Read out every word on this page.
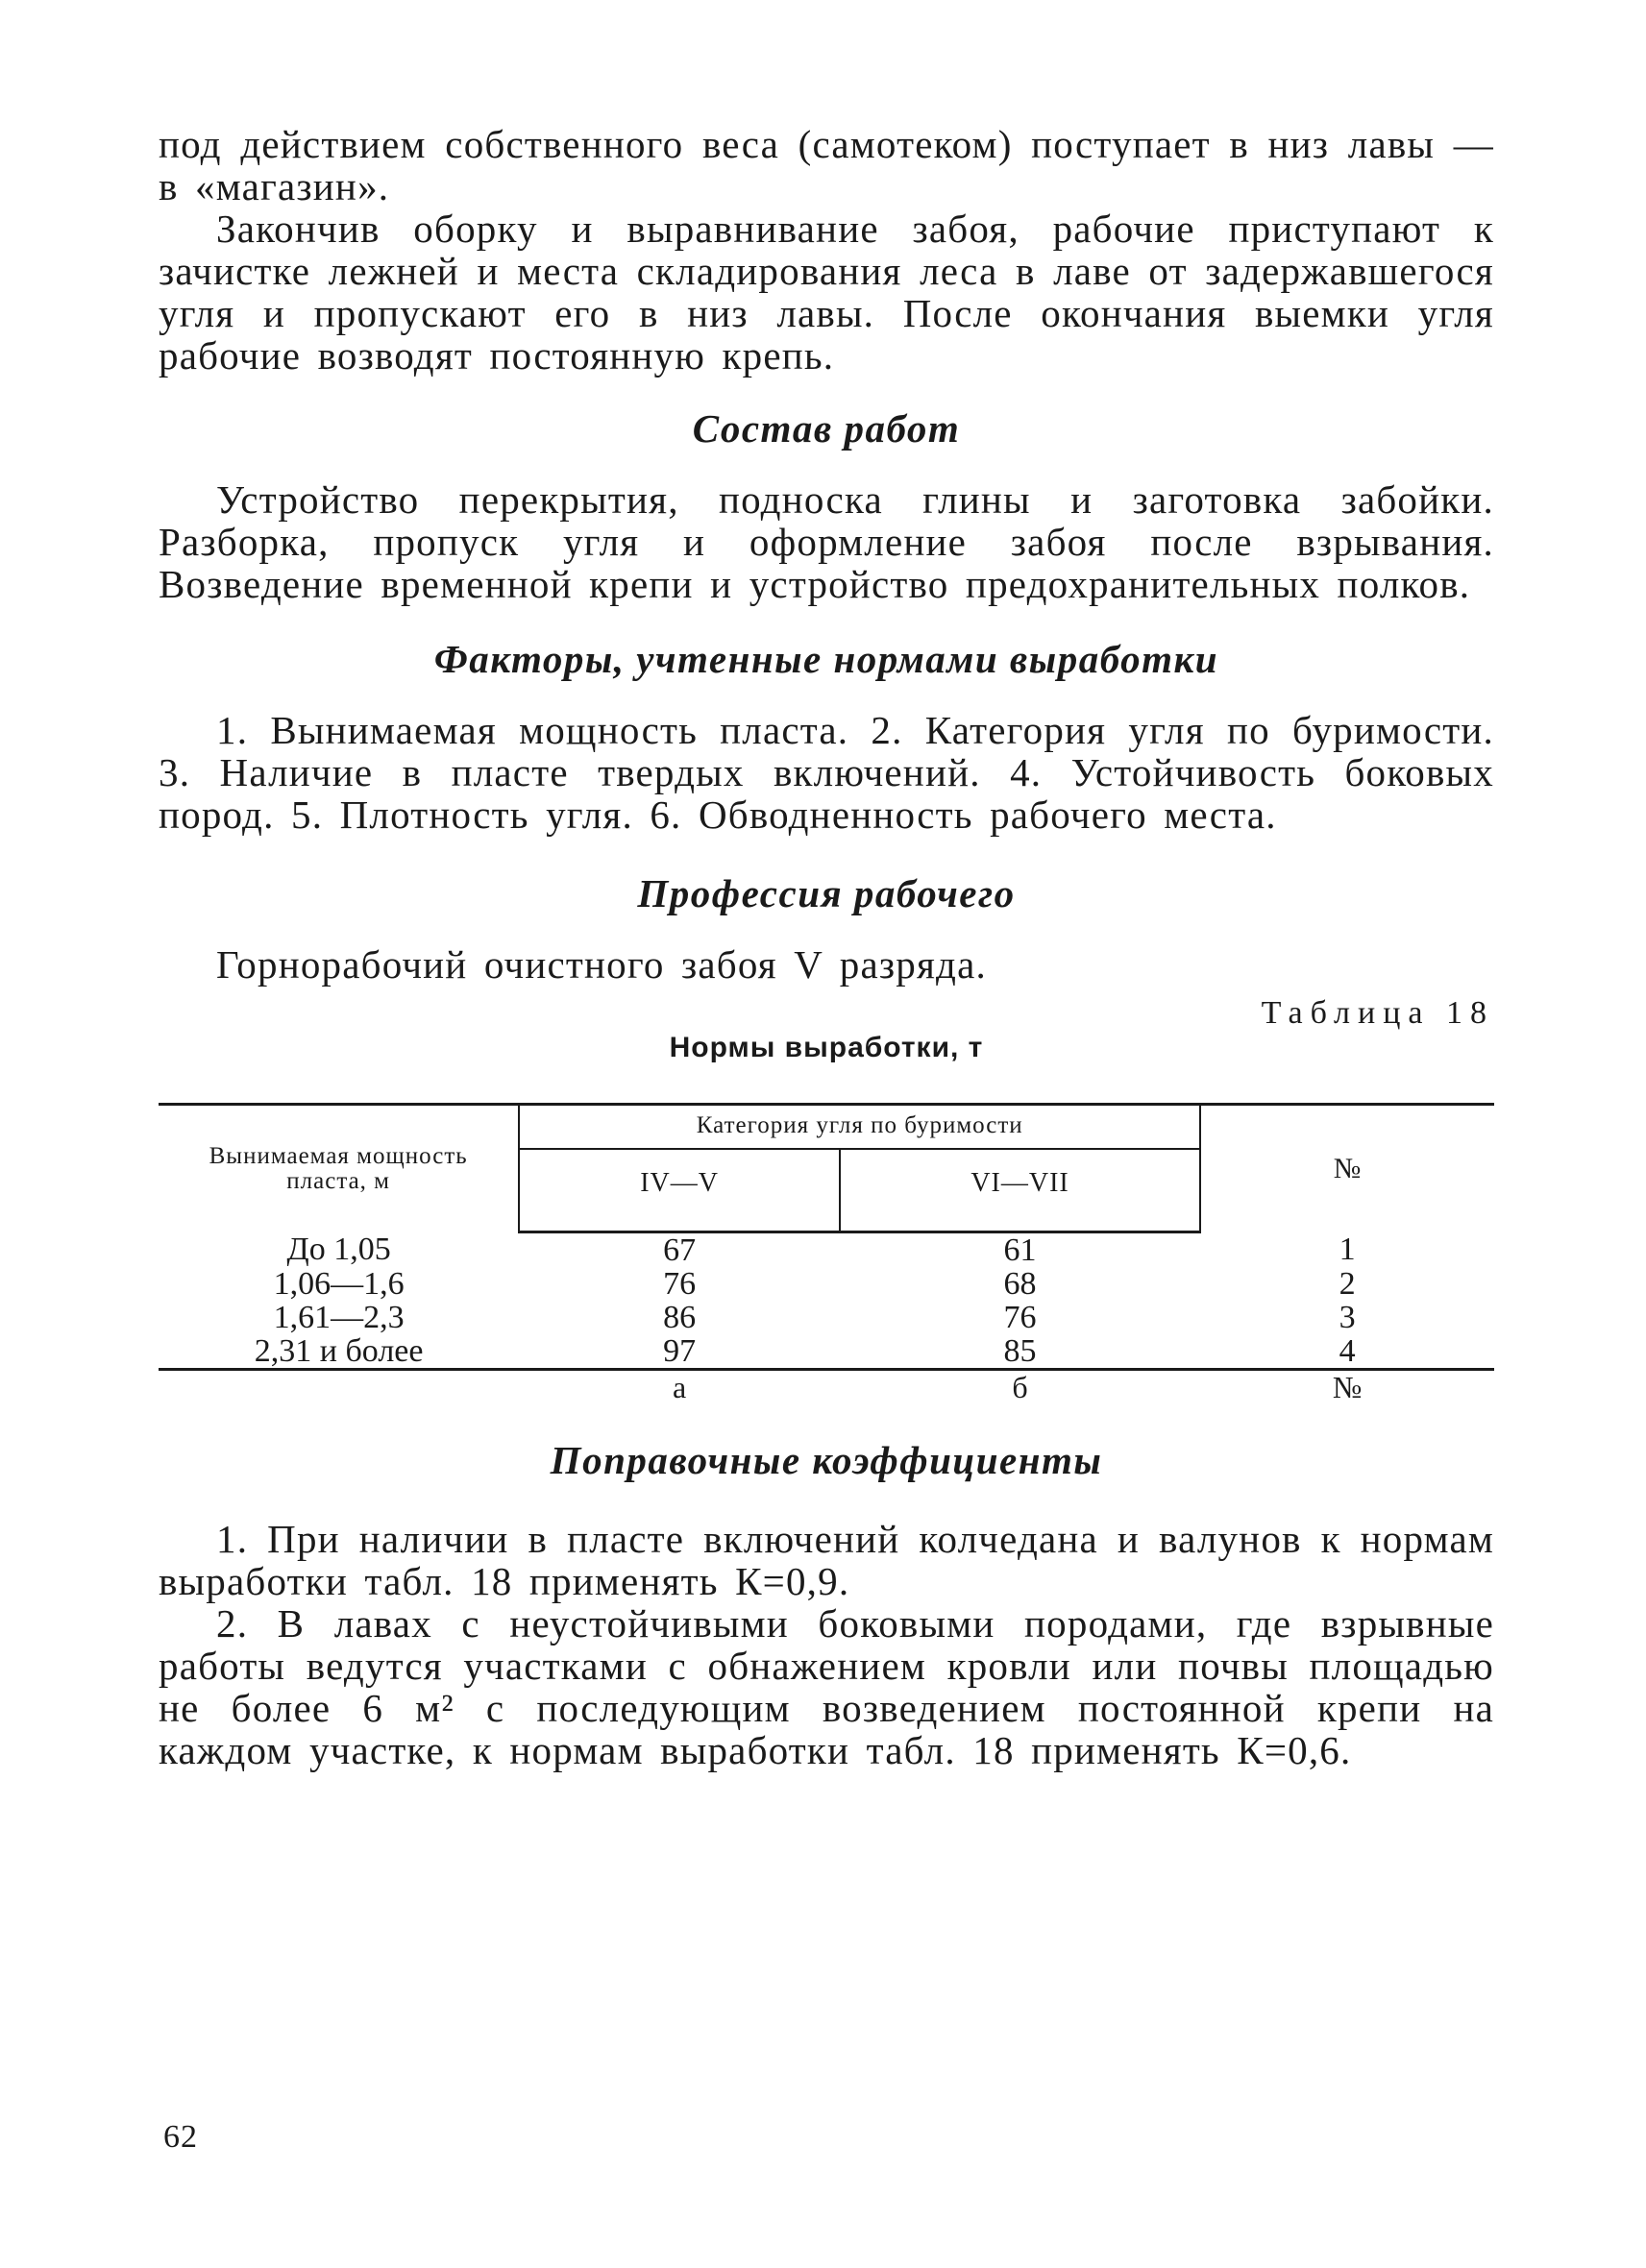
под действием собственного веса (самотеком) поступает в низ лавы — в «магазин».

Закончив оборку и выравнивание забоя, рабочие приступают к зачистке лежней и места складирования леса в лаве от задержавшегося угля и пропускают его в низ лавы. После окончания выемки угля рабочие возводят постоянную крепь.

Состав работ

Устройство перекрытия, подноска глины и заготовка забойки. Разборка, пропуск угля и оформление забоя после взрывания. Возведение временной крепи и устройство предохранительных полков.

Факторы, учтенные нормами выработки

1. Вынимаемая мощность пласта. 2. Категория угля по буримости. 3. Наличие в пласте твердых включений. 4. Устойчивость боковых пород. 5. Плотность угля. 6. Обводненность рабочего места.

Профессия рабочего

Горнорабочий очистного забоя V разряда.

Таблица 18
Нормы выработки, т
Вынимаемая мощность пласта, м	Категория угля по буримости		№
	IV—V	VI—VII	
До 1,05	67	61	1
1,06—1,6	76	68	2
1,61—2,3	86	76	3
2,31 и более	97	85	4
	а	б	№
Поправочные коэффициенты

1. При наличии в пласте включений колчедана и валунов к нормам выработки табл. 18 применять К=0,9.

2. В лавах с неустойчивыми боковыми породами, где взрывные работы ведутся участками с обнажением кровли или почвы площадью не более 6 м² с последующим возведением постоянной крепи на каждом участке, к нормам выработки табл. 18 применять К=0,6.

62
